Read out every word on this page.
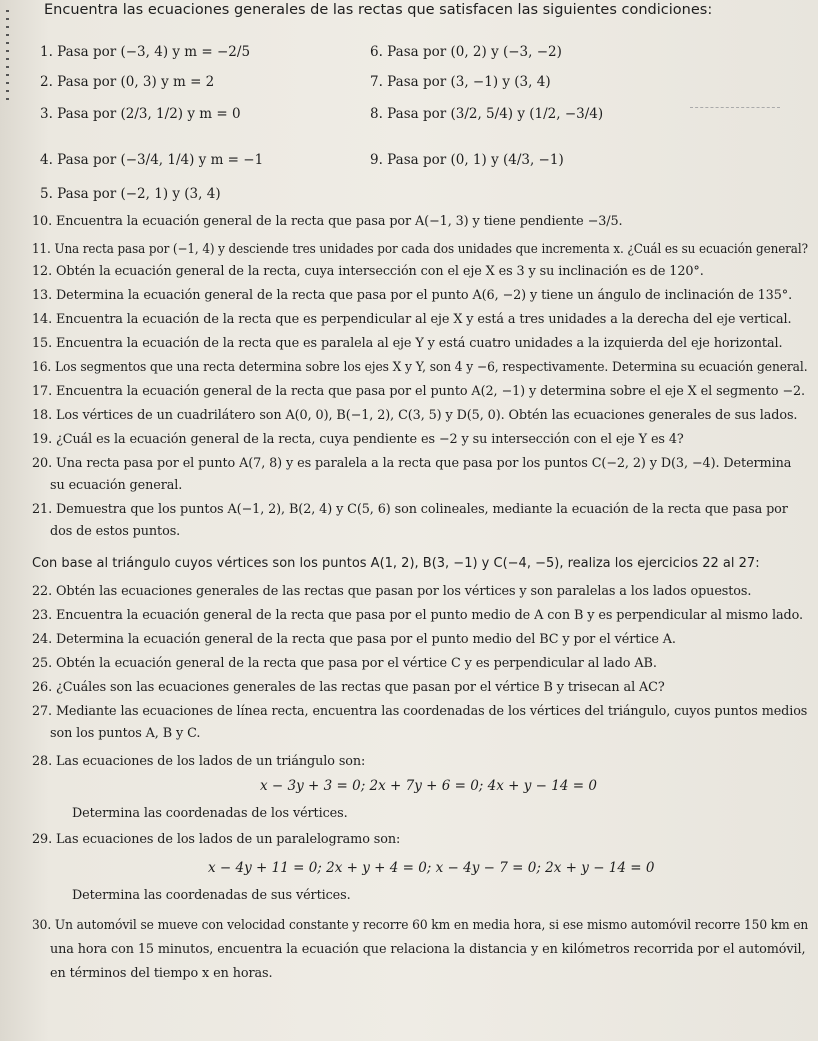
Encuentra las ecuaciones generales de las rectas que satisfacen las siguientes condiciones:
1. Pasa por (−3, 4) y m = −2/5
2. Pasa por (0, 3) y m = 2
3. Pasa por (2/3, 1/2) y m = 0
4. Pasa por (−3/4, 1/4) y m = −1
5. Pasa por (−2, 1) y (3, 4)
6. Pasa por (0, 2) y (−3, −2)
7. Pasa por (3, −1) y (3, 4)
8. Pasa por (3/2, 5/4) y (1/2, −3/4)
9. Pasa por (0, 1) y (4/3, −1)
10. Encuentra la ecuación general de la recta que pasa por A(−1, 3) y tiene pendiente −3/5.
11. Una recta pasa por (−1, 4) y desciende tres unidades por cada dos unidades que incrementa x. ¿Cuál es su ecuación general?
12. Obtén la ecuación general de la recta, cuya intersección con el eje X es 3 y su inclinación es de 120°.
13. Determina la ecuación general de la recta que pasa por el punto A(6, −2) y tiene un ángulo de inclinación de 135°.
14. Encuentra la ecuación de la recta que es perpendicular al eje X y está a tres unidades a la derecha del eje vertical.
15. Encuentra la ecuación de la recta que es paralela al eje Y y está cuatro unidades a la izquierda del eje horizontal.
16. Los segmentos que una recta determina sobre los ejes X y Y, son 4 y −6, respectivamente. Determina su ecuación general.
17. Encuentra la ecuación general de la recta que pasa por el punto A(2, −1) y determina sobre el eje X el segmento −2.
18. Los vértices de un cuadrilátero son A(0, 0), B(−1, 2), C(3, 5) y D(5, 0). Obtén las ecuaciones generales de sus lados.
19. ¿Cuál es la ecuación general de la recta, cuya pendiente es −2 y su intersección con el eje Y es 4?
20. Una recta pasa por el punto A(7, 8) y es paralela a la recta que pasa por los puntos C(−2, 2) y D(3, −4). Determina
su ecuación general.
21. Demuestra que los puntos A(−1, 2), B(2, 4) y C(5, 6) son colineales, mediante la ecuación de la recta que pasa por
dos de estos puntos.
Con base al triángulo cuyos vértices son los puntos A(1, 2), B(3, −1) y C(−4, −5), realiza los ejercicios 22 al 27:
22. Obtén las ecuaciones generales de las rectas que pasan por los vértices y son paralelas a los lados opuestos.
23. Encuentra la ecuación general de la recta que pasa por el punto medio de A con B y es perpendicular al mismo lado.
24. Determina la ecuación general de la recta que pasa por el punto medio del BC y por el vértice A.
25. Obtén la ecuación general de la recta que pasa por el vértice C y es perpendicular al lado AB.
26. ¿Cuáles son las ecuaciones generales de las rectas que pasan por el vértice B y trisecan al AC?
27. Mediante las ecuaciones de línea recta, encuentra las coordenadas de los vértices del triángulo, cuyos puntos medios
son los puntos A, B y C.
28. Las ecuaciones de los lados de un triángulo son:
x − 3y + 3 = 0; 2x + 7y + 6 = 0; 4x + y − 14 = 0
Determina las coordenadas de los vértices.
29. Las ecuaciones de los lados de un paralelogramo son:
x − 4y + 11 = 0; 2x + y + 4 = 0; x − 4y − 7 = 0; 2x + y − 14 = 0
Determina las coordenadas de sus vértices.
30. Un automóvil se mueve con velocidad constante y recorre 60 km en media hora, si ese mismo automóvil recorre 150 km en
una hora con 15 minutos, encuentra la ecuación que relaciona la distancia y en kilómetros recorrida por el automóvil,
en términos del tiempo x en horas.
